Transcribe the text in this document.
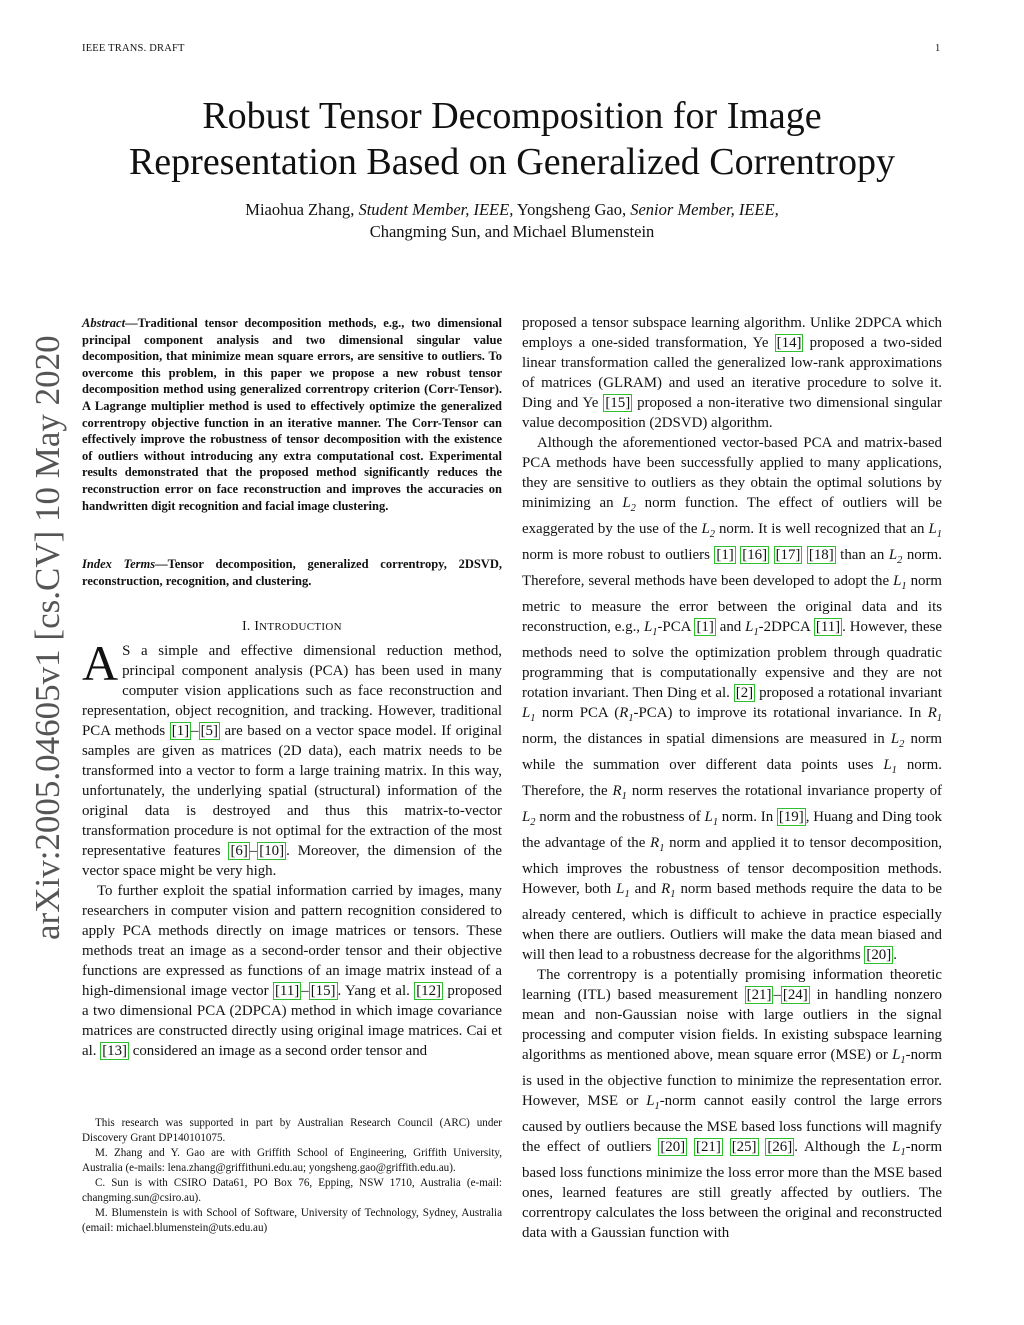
IEEE TRANS. DRAFT	1
Robust Tensor Decomposition for Image
Representation Based on Generalized Correntropy
Miaohua Zhang, Student Member, IEEE, Yongsheng Gao, Senior Member, IEEE,
Changming Sun, and Michael Blumenstein
arXiv:2005.04605v1 [cs.CV] 10 May 2020

Abstract—Traditional tensor decomposition methods, e.g., two dimensional principal component analysis and two dimensional singular value decomposition, that minimize mean square errors, are sensitive to outliers. To overcome this problem, in this paper we propose a new robust tensor decomposition method using generalized correntropy criterion (Corr-Tensor). A Lagrange multiplier method is used to effectively optimize the generalized correntropy objective function in an iterative manner. The Corr-Tensor can effectively improve the robustness of tensor decomposition with the existence of outliers without introducing any extra computational cost. Experimental results demonstrated that the proposed method significantly reduces the reconstruction error on face reconstruction and improves the accuracies on handwritten digit recognition and facial image clustering.

Index Terms—Tensor decomposition, generalized correntropy, 2DSVD, reconstruction, recognition, and clustering.

I. INTRODUCTION

A S a simple and effective dimensional reduction method, principal component analysis (PCA) has been used in many computer vision applications such as face reconstruction and representation, object recognition, and tracking. However, traditional PCA methods [1] – [5] are based on a vector space model. If original samples are given as matrices (2D data), each matrix needs to be transformed into a vector to form a large training matrix. In this way, unfortunately, the underlying spatial (structural) information of the original data is destroyed and thus this matrix-to-vector transformation procedure is not optimal for the extraction of the most representative features [6] – [10] . Moreover, the dimension of the vector space might be very high.

To further exploit the spatial information carried by images, many researchers in computer vision and pattern recognition considered to apply PCA methods directly on image matrices or tensors. These methods treat an image as a second-order tensor and their objective functions are expressed as functions of an image matrix instead of a high-dimensional image vector [11] – [15] . Yang et al. [12] proposed a two dimensional PCA (2DPCA) method in which image covariance matrices are constructed directly using original image matrices. Cai et al. [13] considered an image as a second order tensor and

This research was supported in part by Australian Research Council (ARC) under Discovery Grant DP140101075.

M. Zhang and Y. Gao are with Griffith School of Engineering, Griffith University, Australia (e-mails: lena.zhang@griffithuni.edu.au; yongsheng.gao@griffith.edu.au).

C. Sun is with CSIRO Data61, PO Box 76, Epping, NSW 1710, Australia (e-mail: changming.sun@csiro.au).

M. Blumenstein is with School of Software, University of Technology, Sydney, Australia (email: michael.blumenstein@uts.edu.au)

proposed a tensor subspace learning algorithm. Unlike 2DPCA which employs a one-sided transformation, Ye [14] proposed a two-sided linear transformation called the generalized low-rank approximations of matrices (GLRAM) and used an iterative procedure to solve it. Ding and Ye [15] proposed a non-iterative two dimensional singular value decomposition (2DSVD) algorithm.

Although the aforementioned vector-based PCA and matrix-based PCA methods have been successfully applied to many applications, they are sensitive to outliers as they obtain the optimal solutions by minimizing an $L_2$ norm function. The effect of outliers will be exaggerated by the use of the $L_2$ norm. It is well recognized that an $L_1$ norm is more robust to outliers [1] [16] [17] [18] than an $L_2$ norm. Therefore, several methods have been developed to adopt the $L_1$ norm metric to measure the error between the original data and its reconstruction, e.g., $L_1$-PCA [1] and $L_1-2DPCA$ [11] . However, these methods need to solve the optimization problem through quadratic programming that is computationally expensive and they are not rotation invariant. Then Ding et al. [2] proposed a rotational invariant $L_1$ norm PCA $(R_1-PCA)$ to improve its rotational invariance. In $R_1$ norm, the distances in spatial dimensions are measured in $L_2$ norm while the summation over different data points uses $L_1$ norm. Therefore, the $R_1$ norm reserves the rotational invariance property of $L_2$ norm and the robustness of $L_1$ norm. In [19] , Huang and Ding took the advantage of the $R_1$ norm and applied it to tensor decomposition, which improves the robustness of tensor decomposition methods. However, both $L_1$ and $R_1$ norm based methods require the data to be already centered, which is difficult to achieve in practice especially when there are outliers. Outliers will make the data mean biased and will then lead to a robustness decrease for the algorithms [20] .

The correntropy is a potentially promising information theoretic learning (ITL) based measurement [21] – [24] in handling nonzero mean and non-Gaussian noise with large outliers in the signal processing and computer vision fields. In existing subspace learning algorithms as mentioned above, mean square error (MSE) or $L_1$-norm is used in the objective function to minimize the representation error. However, MSE or $L_1$-norm cannot easily control the large errors caused by outliers because the MSE based loss functions will magnify the effect of outliers [20] [21] [25] [26] . Although the $L_1$-norm based loss functions minimize the loss error more than the MSE based ones, learned features are still greatly affected by outliers. The correntropy calculates the loss between the original and reconstructed data with a Gaussian function with
